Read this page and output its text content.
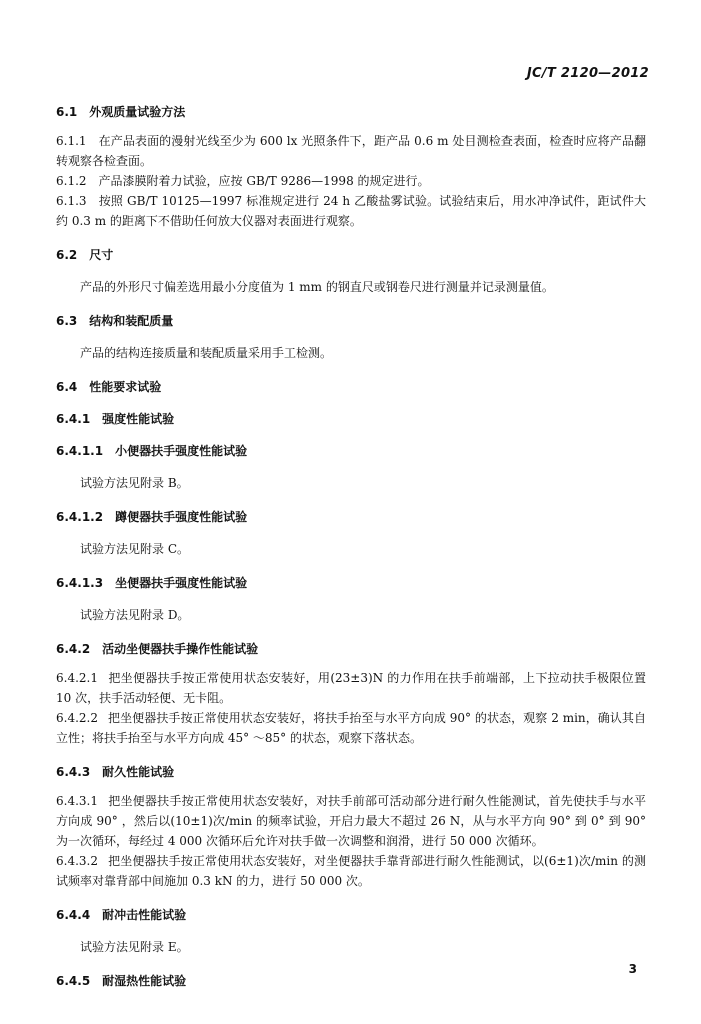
JC/T 2120—2012
6.1 外观质量试验方法
6.1.1 在产品表面的漫射光线至少为 600 lx 光照条件下，距产品 0.6 m 处目测检查表面，检查时应将产品翻转观察各检查面。
6.1.2 产品漆膜附着力试验，应按 GB/T 9286—1998 的规定进行。
6.1.3 按照 GB/T 10125—1997 标准规定进行 24 h 乙酸盐雾试验。试验结束后，用水冲净试件，距试件大约 0.3 m 的距离下不借助任何放大仪器对表面进行观察。
6.2 尺寸
产品的外形尺寸偏差选用最小分度值为 1 mm 的钢直尺或钢卷尺进行测量并记录测量值。
6.3 结构和装配质量
产品的结构连接质量和装配质量采用手工检测。
6.4 性能要求试验
6.4.1 强度性能试验
6.4.1.1 小便器扶手强度性能试验
试验方法见附录 B。
6.4.1.2 蹲便器扶手强度性能试验
试验方法见附录 C。
6.4.1.3 坐便器扶手强度性能试验
试验方法见附录 D。
6.4.2 活动坐便器扶手操作性能试验
6.4.2.1 把坐便器扶手按正常使用状态安装好，用(23±3)N 的力作用在扶手前端部，上下拉动扶手极限位置 10 次，扶手活动轻便、无卡阻。
6.4.2.2 把坐便器扶手按正常使用状态安装好，将扶手抬至与水平方向成 90° 的状态，观察 2 min，确认其自立性；将扶手抬至与水平方向成 45° ～85° 的状态，观察下落状态。
6.4.3 耐久性能试验
6.4.3.1 把坐便器扶手按正常使用状态安装好，对扶手前部可活动部分进行耐久性能测试，首先使扶手与水平方向成 90° ，然后以(10±1)次/min 的频率试验，开启力最大不超过 26 N，从与水平方向 90° 到 0° 到 90° 为一次循环，每经过 4 000 次循环后允许对扶手做一次调整和润滑，进行 50 000 次循环。
6.4.3.2 把坐便器扶手按正常使用状态安装好，对坐便器扶手靠背部进行耐久性能测试，以(6±1)次/min 的测试频率对靠背部中间施加 0.3 kN 的力，进行 50 000 次。
6.4.4 耐冲击性能试验
试验方法见附录 E。
6.4.5 耐湿热性能试验
3
